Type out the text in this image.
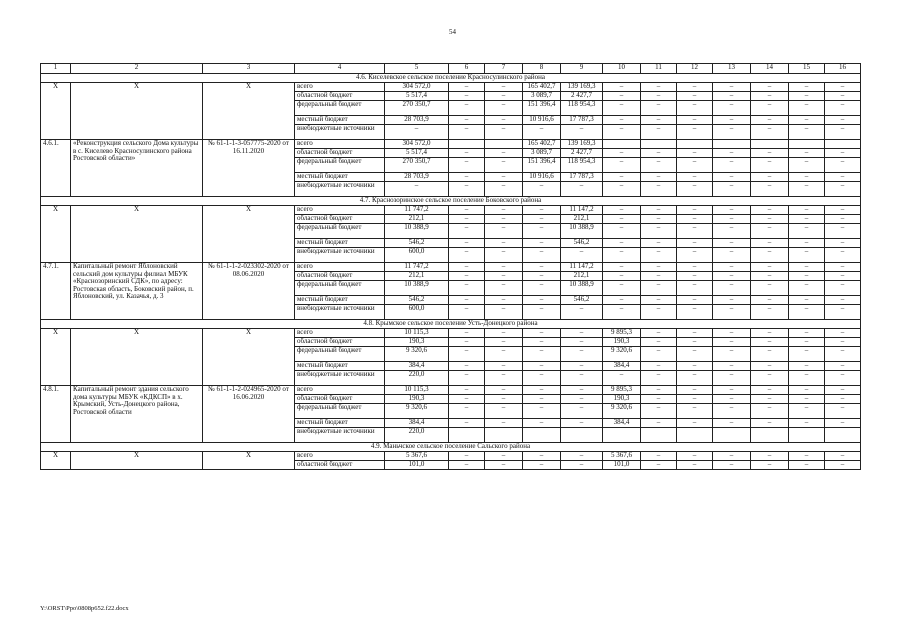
54
1	2	3	4	5	6	7	8	9	10	11	12	13	14	15	16
4.6. Киселевское сельское поселение Красносулинского района															
Х	Х	Х	всего	304 572,0	–	–	165 402,7	139 169,3	–	–	–	–	–	–	–
			областной бюджет	5 517,4	–	–	3 089,7	2 427,7	–	–	–	–	–	–	–
			федеральный бюджет	270 350,7	–	–	151 396,4	118 954,3	–	–	–	–	–	–	–
			местный бюджет	28 703,9	–	–	10 916,6	17 787,3	–	–	–	–	–	–	–
			внебюджетные источники	–	–	–	–	–	–	–	–	–	–	–	–
4.6.1.	«Реконструкция сельского Дома культуры в с. Киселево Красносулинского района Ростовской области»	№ 61-1-1-3-057775-2020 от 16.11.2020	всего	304 572,0			165 402,7	139 169,3							
			областной бюджет	5 517,4	–	–	3 089,7	2 427,7	–	–	–	–	–	–	–
			федеральный бюджет	270 350,7	–	–	151 396,4	118 954,3	–	–	–	–	–	–	–
			местный бюджет	28 703,9	–	–	10 916,6	17 787,3	–	–	–	–	–	–	–
			внебюджетные источники	–	–	–	–	–	–	–	–	–	–	–	–
4.7. Краснозоринское сельское поселение Боковского района															
Х	Х	Х	всего	11 747,2	–	–	–	11 147,2	–	–	–	–	–	–	–
			областной бюджет	212,1	–	–	–	212,1	–	–	–	–	–	–	–
			федеральный бюджет	10 388,9	–	–	–	10 388,9	–	–	–	–	–	–	–
			местный бюджет	546,2	–	–	–	546,2	–	–	–	–	–	–	–
			внебюджетные источники	600,0	–	–	–	–	–	–	–	–	–	–	–
4.7.1.	Капитальный ремонт Яблоновский сельский дом культуры филиал МБУК «Краснозоринский СДК», по адресу: Ростовская область, Боковский район, п. Яблоновский, ул. Казачья, д. 3	№ 61-1-1-2-023302-2020 от 08.06.2020	всего	11 747,2	–	–	–	11 147,2	–	–	–	–	–	–	–
			областной бюджет	212,1	–	–	–	212,1	–	–	–	–	–	–	–
			федеральный бюджет	10 388,9	–	–	–	10 388,9	–	–	–	–	–	–	–
			местный бюджет	546,2	–	–	–	546,2	–	–	–	–	–	–	–
			внебюджетные источники	600,0	–	–	–	–	–	–	–	–	–	–	–
4.8. Крымское сельское поселение Усть-Донецкого района															
Х	Х	Х	всего	10 115,3	–	–	–	–	9 895,3	–	–	–	–	–	–
			областной бюджет	190,3	–	–	–	–	190,3	–	–	–	–	–	–
			федеральный бюджет	9 320,6	–	–	–	–	9 320,6	–	–	–	–	–	–
			местный бюджет	384,4	–	–	–	–	384,4	–	–	–	–	–	–
			внебюджетные источники	220,0	–	–	–	–	–	–	–	–	–	–	–
4.8.1.	Капитальный ремонт здания сельского дома культуры МБУК «КДКСП» в х. Крымский, Усть-Донецкого района, Ростовской области	№ 61-1-1-2-024965-2020 от 16.06.2020	всего	10 115,3	–	–	–	–	9 895,3	–	–	–	–	–	–
			областной бюджет	190,3	–	–	–	–	190,3	–	–	–	–	–	–
			федеральный бюджет	9 320,6	–	–	–	–	9 320,6	–	–	–	–	–	–
			местный бюджет	384,4	–	–	–	–	384,4	–	–	–	–	–	–
			внебюджетные источники	220,0											
4.9. Маньчское сельское поселение Сальского района															
Х	Х	Х	всего	5 367,6	–	–	–	–	5 367,6	–	–	–	–	–	–
			областной бюджет	101,0	–	–	–	–	101,0	–	–	–	–	–	–
Y:\ORST\Ppo\0808p652.f22.docx
